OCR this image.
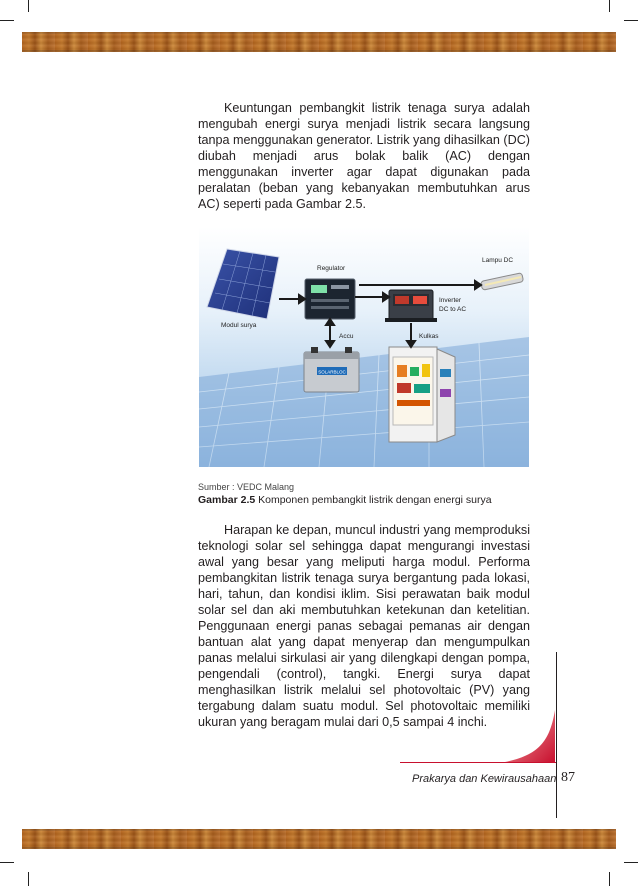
Keuntungan pembangkit listrik tenaga surya adalah mengubah energi surya menjadi listrik secara langsung tanpa menggunakan generator. Listrik yang dihasilkan (DC) diubah menjadi arus bolak balik (AC) dengan menggunakan inverter agar dapat digunakan pada peralatan (beban yang kebanyakan membutuhkan arus AC) seperti pada Gambar 2.5.

SOLARBLOC
Regulator
Lampu DC
Inverter
DC to AC
Modul surya
Accu	Kulkas
Sumber : VEDC Malang
Gambar 2.5 Komponen pembangkit listrik dengan energi surya

Harapan ke depan, muncul industri yang memproduksi teknologi solar sel sehingga dapat mengurangi investasi awal yang besar yang meliputi harga modul. Performa pembangkitan listrik tenaga surya bergantung pada lokasi, hari, tahun, dan kondisi iklim. Sisi perawatan baik modul solar sel dan aki membutuhkan ketekunan dan ketelitian. Penggunaan energi panas sebagai pemanas air dengan bantuan alat yang dapat menyerap dan mengumpulkan panas melalui sirkulasi air yang dilengkapi dengan pompa, pengendali (control), tangki. Energi surya dapat menghasilkan listrik melalui sel photovoltaic (PV) yang tergabung dalam suatu modul. Sel photovoltaic memiliki ukuran yang beragam mulai dari 0,5 sampai 4 inchi.

Prakarya dan Kewirausahaan 87
